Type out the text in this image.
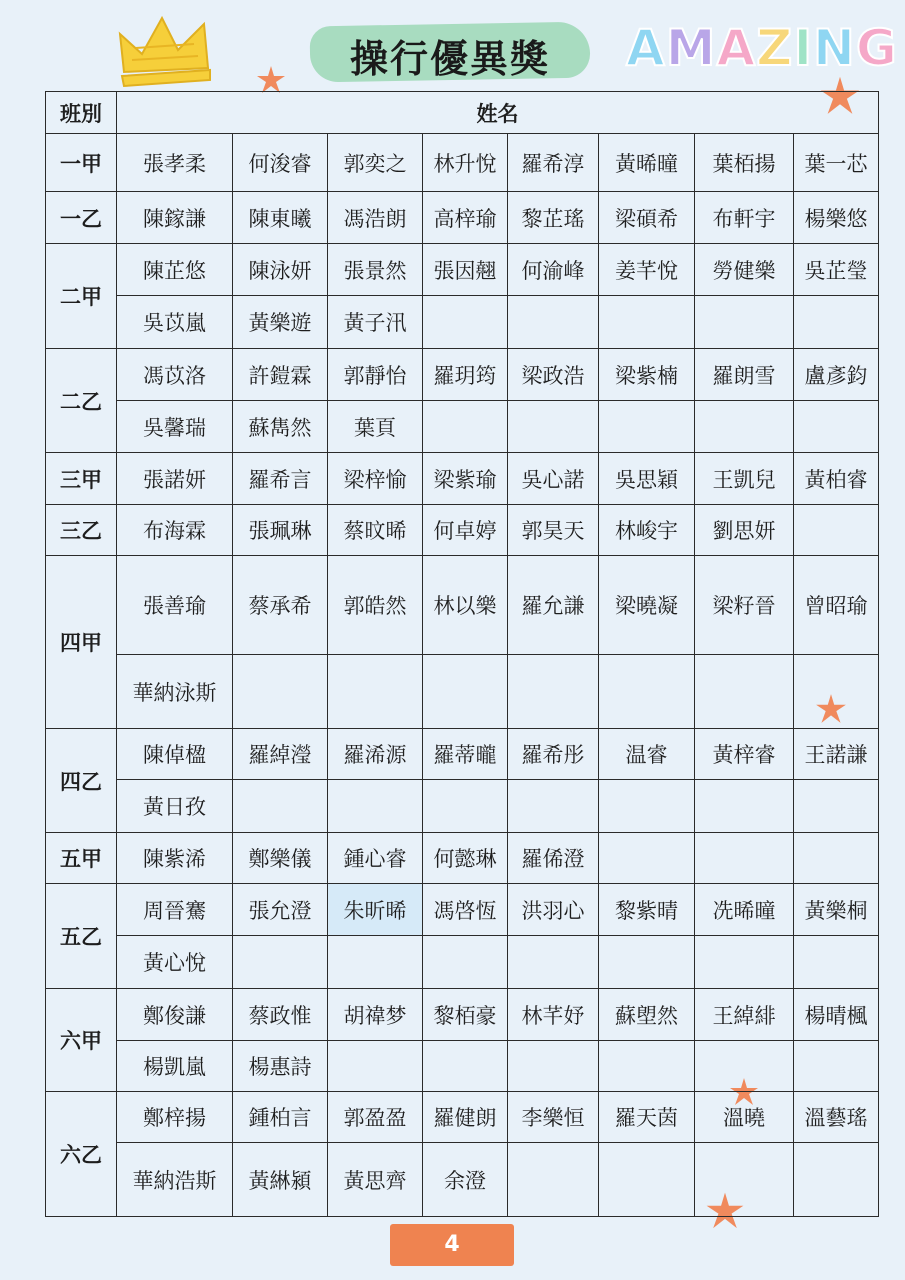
操行優異獎	AMAZING
班別	姓名							
一甲	張孝柔	何浚睿	郭奕之	林升悅	羅希淳	黃晞曈	葉栢揚	葉一芯
一乙	陳鎵謙	陳東曦	馮浩朗	高梓瑜	黎芷瑤	梁碩希	布軒宇	楊樂悠
二甲	陳芷悠	陳泳妍	張景然	張因翹	何渝峰	姜芊悅	勞健樂	吳芷瑩
	吳苡嵐	黃樂遊	黃子汛					
二乙	馮苡洛	許鎧霖	郭靜怡	羅玥筠	梁政浩	梁紫楠	羅朗雪	盧彥鈞
	吳馨瑞	蘇雋然	葉頁					
三甲	張諾妍	羅希言	梁梓愉	梁紫瑜	吳心諾	吳思穎	王凱兒	黃柏睿
三乙	布海霖	張珮琳	蔡旼晞	何卓婷	郭昊天	林峻宇	劉思妍	
四甲	張善瑜	蔡承希	郭皓然	林以樂	羅允謙	梁曉凝	梁籽晉	曾昭瑜
	華納泳斯							
四乙	陳倬楹	羅綽瀅	羅浠源	羅蒂曨	羅希彤	温睿	黃梓睿	王諾謙
	黃日孜							
五甲	陳紫浠	鄭樂儀	鍾心睿	何懿琳	羅俙澄			
五乙	周晉騫	張允澄	朱昕晞	馮啓恆	洪羽心	黎紫晴	冼晞曈	黃樂桐
	黃心悅							
六甲	鄭俊謙	蔡政惟	胡禕梦	黎栢豪	林芊妤	蘇塱然	王綽緋	楊晴楓
	楊凱嵐	楊惠詩						
六乙	鄭梓揚	鍾柏言	郭盈盈	羅健朗	李樂恒	羅天茵	溫曉	溫藝瑤
	華納浩斯	黃綝潁	黃思齊	余澄				
4
